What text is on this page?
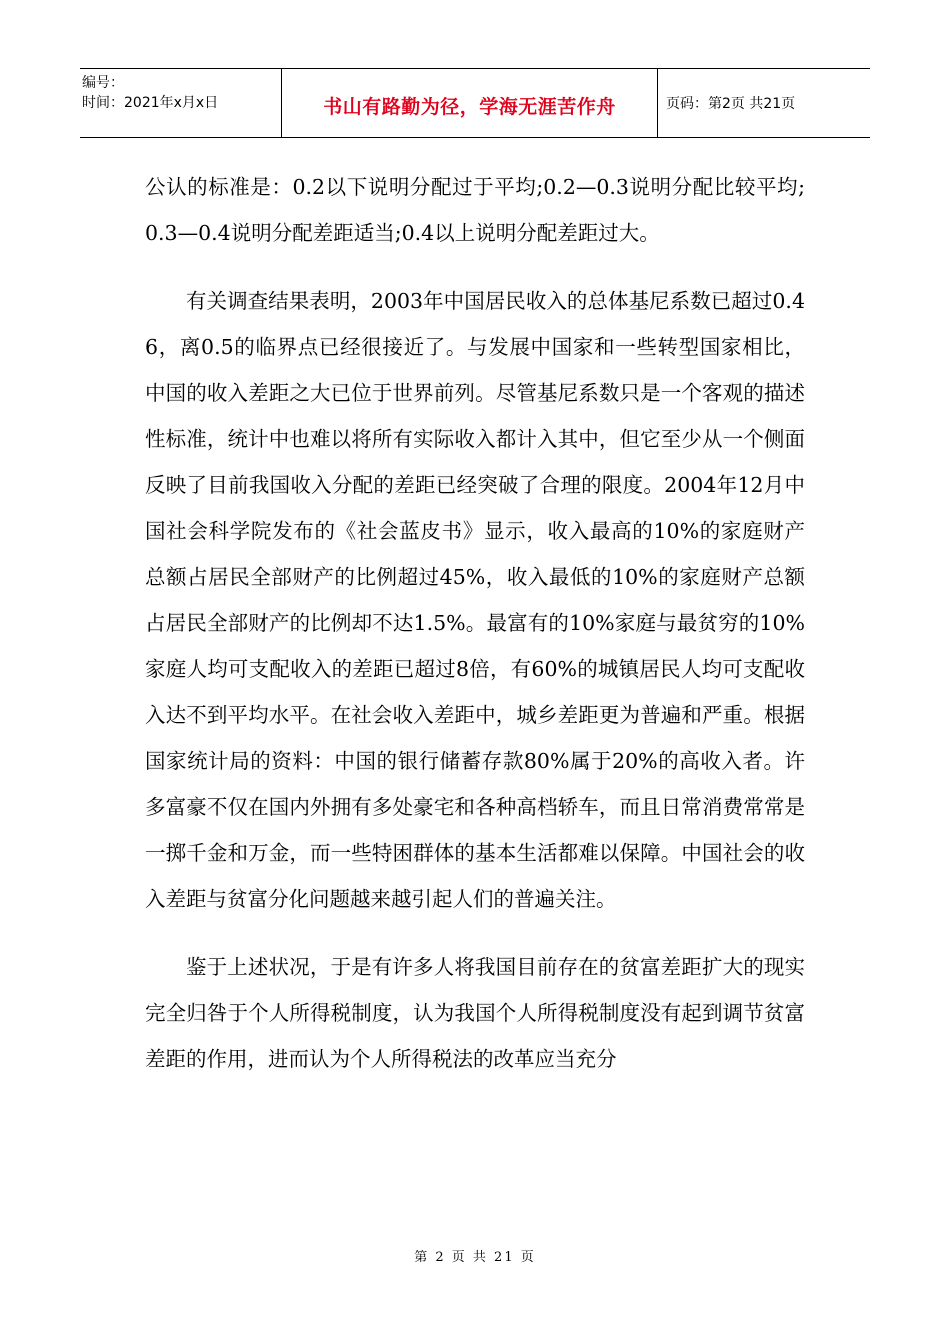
编号：
时间：2021年x月x日	书山有路勤为径，学海无涯苦作舟	页码：第2页 共21页

公认的标准是：0.2以下说明分配过于平均;0.2—0.3说明分配比较平均;0.3—0.4说明分配差距适当;0.4以上说明分配差距过大。

有关调查结果表明，2003年中国居民收入的总体基尼系数已超过0.46，离0.5的临界点已经很接近了。与发展中国家和一些转型国家相比，中国的收入差距之大已位于世界前列。尽管基尼系数只是一个客观的描述性标准，统计中也难以将所有实际收入都计入其中，但它至少从一个侧面反映了目前我国收入分配的差距已经突破了合理的限度。2004年12月中国社会科学院发布的《社会蓝皮书》显示，收入最高的10%的家庭财产总额占居民全部财产的比例超过45%，收入最低的10%的家庭财产总额占居民全部财产的比例却不达1.5%。最富有的10%家庭与最贫穷的10%家庭人均可支配收入的差距已超过8倍，有60%的城镇居民人均可支配收入达不到平均水平。在社会收入差距中，城乡差距更为普遍和严重。根据国家统计局的资料：中国的银行储蓄存款80%属于20%的高收入者。许多富豪不仅在国内外拥有多处豪宅和各种高档轿车，而且日常消费常常是一掷千金和万金，而一些特困群体的基本生活都难以保障。中国社会的收入差距与贫富分化问题越来越引起人们的普遍关注。

鉴于上述状况，于是有许多人将我国目前存在的贫富差距扩大的现实完全归咎于个人所得税制度，认为我国个人所得税制度没有起到调节贫富差距的作用，进而认为个人所得税法的改革应当充分

第 2 页 共 21 页
